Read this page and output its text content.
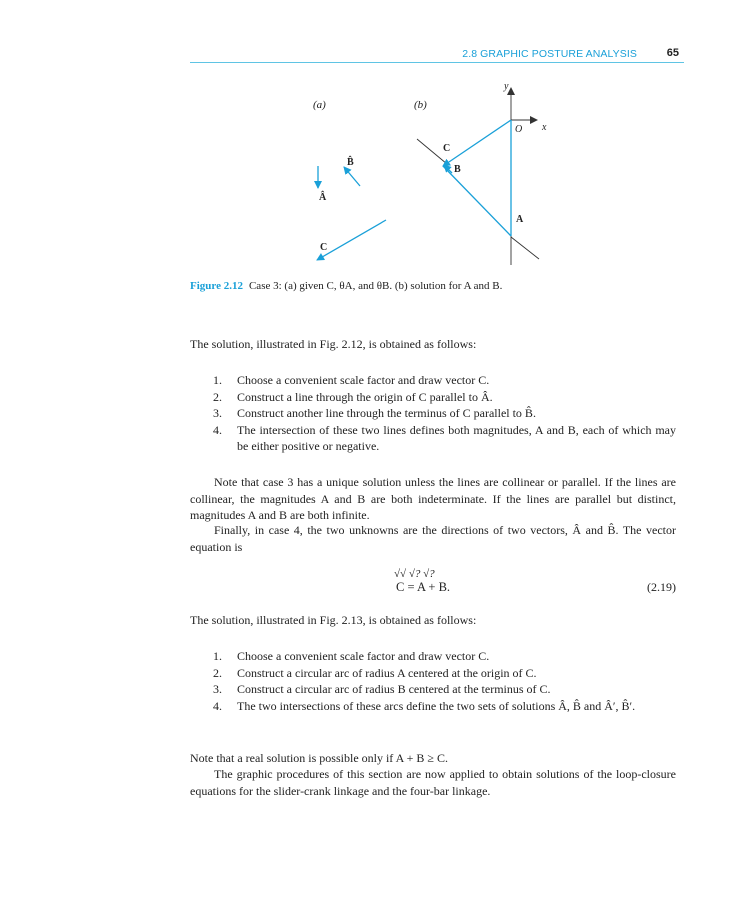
2.8 GRAPHIC POSTURE ANALYSIS	65
(a)	(b)
Â
B̂
C
y
x
O
C
A
B
Figure 2.12 Case 3: (a) given C, θA, and θB. (b) solution for A and B.
The solution, illustrated in Fig. 2.12, is obtained as follows:
1. Choose a convenient scale factor and draw vector C.
2. Construct a line through the origin of C parallel to Â.
3. Construct another line through the terminus of C parallel to B̂.
4. The intersection of these two lines defines both magnitudes, A and B, each of which may be either positive or negative.
Note that case 3 has a unique solution unless the lines are collinear or parallel. If the lines are collinear, the magnitudes A and B are both indeterminate. If the lines are parallel but distinct, magnitudes A and B are both infinite.
Finally, in case 4, the two unknowns are the directions of two vectors, Â and B̂. The vector equation is
√√ √? √?
C = A + B.	(2.19)
The solution, illustrated in Fig. 2.13, is obtained as follows:
1. Choose a convenient scale factor and draw vector C.
2. Construct a circular arc of radius A centered at the origin of C.
3. Construct a circular arc of radius B centered at the terminus of C.
4. The two intersections of these arcs define the two sets of solutions Â, B̂ and Â′, B̂′.
Note that a real solution is possible only if A + B ≥ C.
The graphic procedures of this section are now applied to obtain solutions of the loop-closure equations for the slider-crank linkage and the four-bar linkage.
